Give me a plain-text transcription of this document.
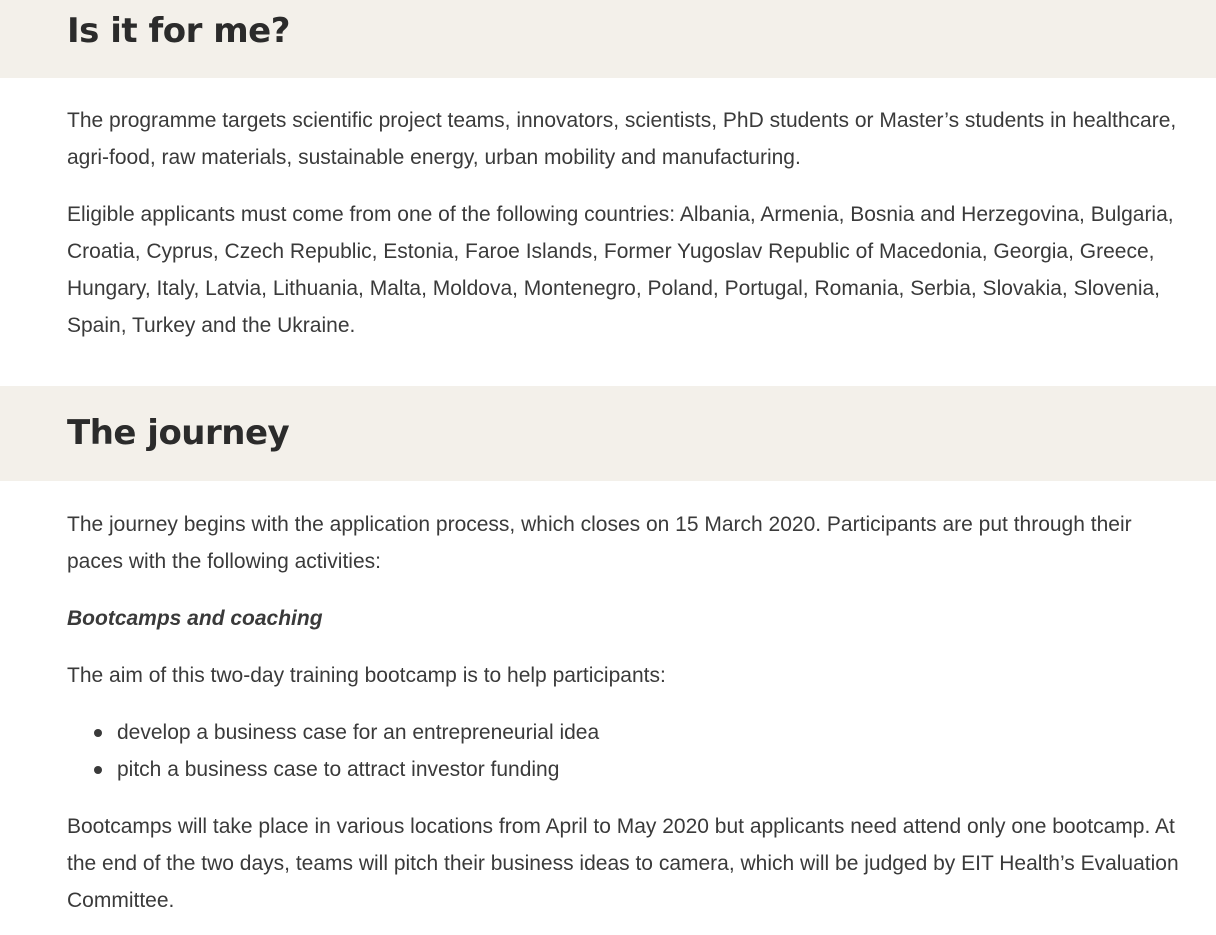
Is it for me?

The programme targets scientific project teams, innovators, scientists, PhD students or Master’s students in healthcare, agri-food, raw materials, sustainable energy, urban mobility and manufacturing.

Eligible applicants must come from one of the following countries: Albania, Armenia, Bosnia and Herzegovina, Bulgaria, Croatia, Cyprus, Czech Republic, Estonia, Faroe Islands, Former Yugoslav Republic of Macedonia, Georgia, Greece, Hungary, Italy, Latvia, Lithuania, Malta, Moldova, Montenegro, Poland, Portugal, Romania, Serbia, Slovakia, Slovenia, Spain, Turkey and the Ukraine.

The journey

The journey begins with the application process, which closes on 15 March 2020. Participants are put through their paces with the following activities:

Bootcamps and coaching

The aim of this two-day training bootcamp is to help participants:

develop a business case for an entrepreneurial idea
pitch a business case to attract investor funding

Bootcamps will take place in various locations from April to May 2020 but applicants need attend only one bootcamp. At the end of the two days, teams will pitch their business ideas to camera, which will be judged by EIT Health’s Evaluation Committee.
